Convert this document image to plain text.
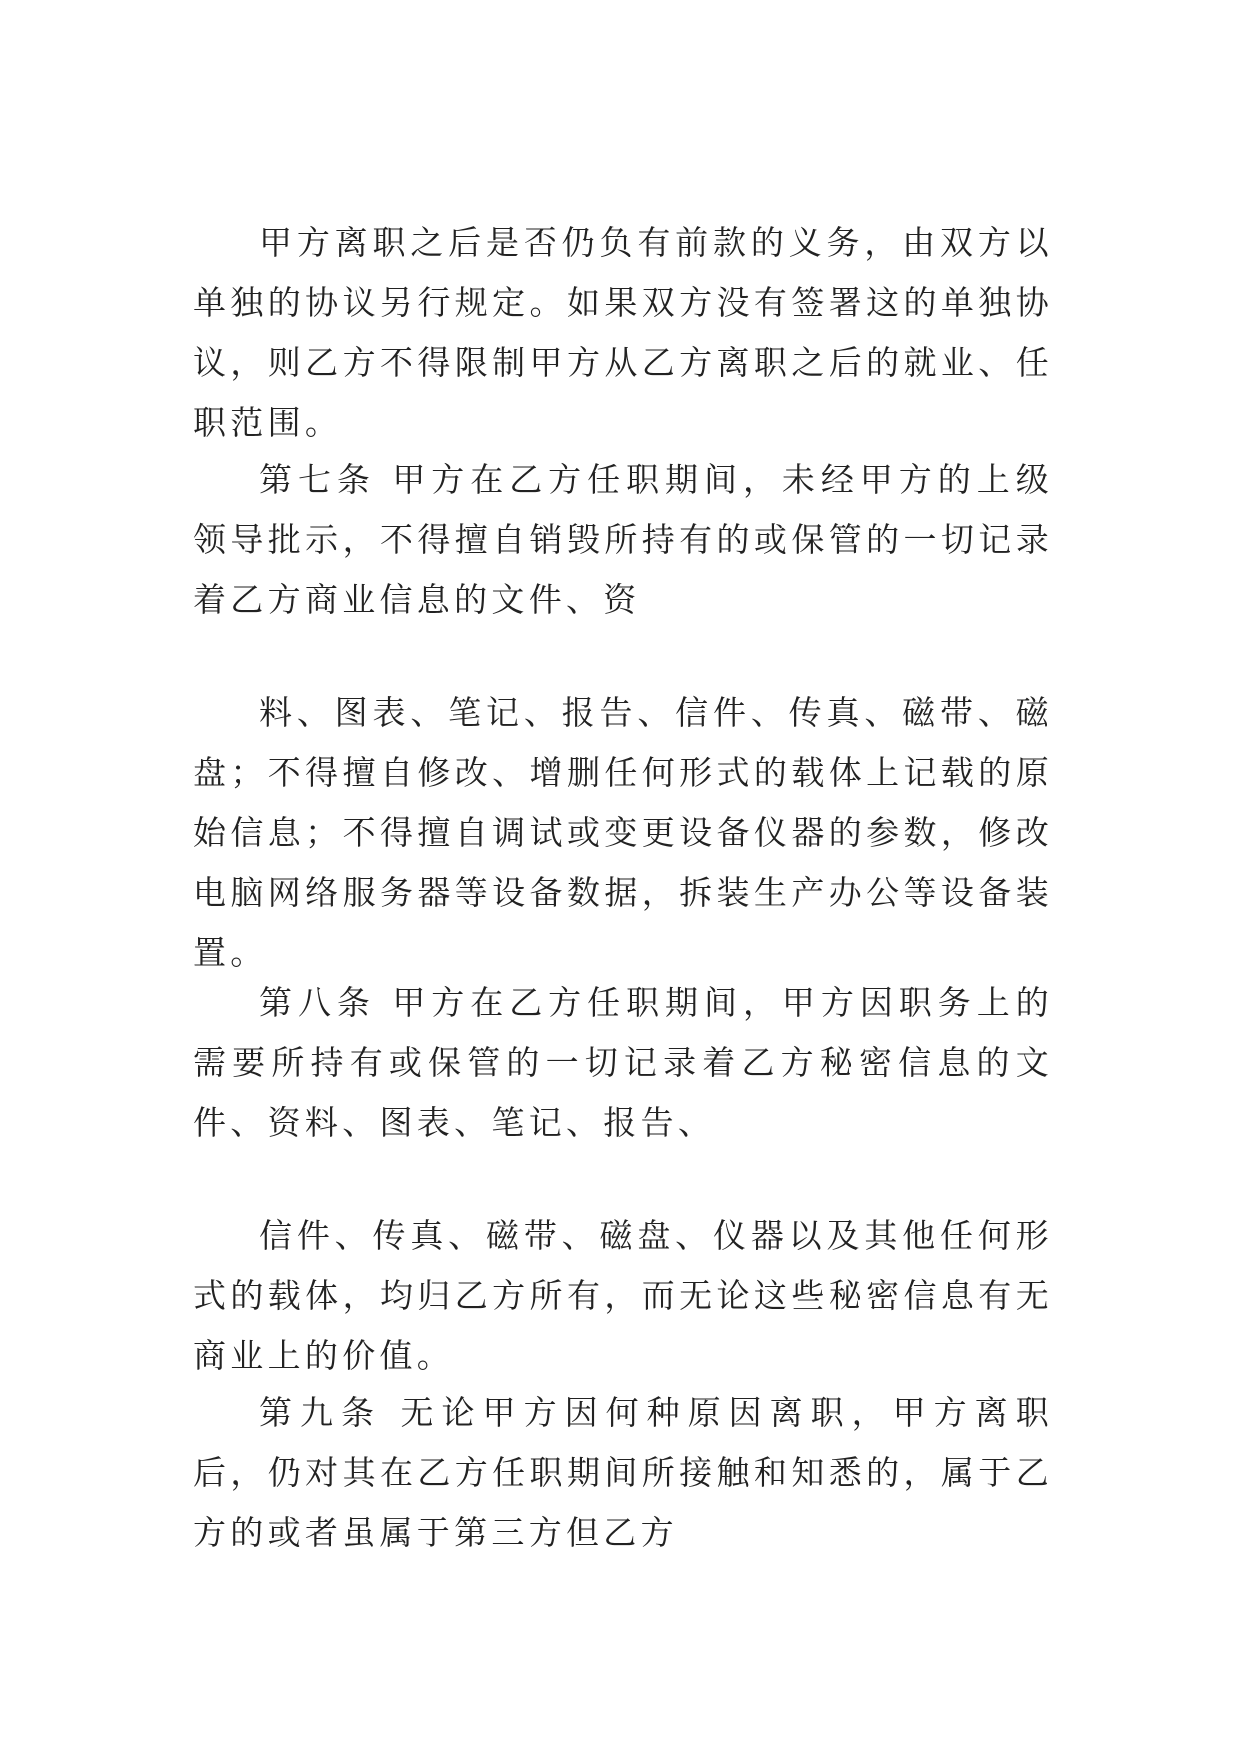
甲方离职之后是否仍负有前款的义务，由双方以单独的协议另行规定。如果双方没有签署这的单独协议，则乙方不得限制甲方从乙方离职之后的就业、任职范围。

第七条 甲方在乙方任职期间，未经甲方的上级领导批示，不得擅自销毁所持有的或保管的一切记录着乙方商业信息的文件、资

料、图表、笔记、报告、信件、传真、磁带、磁盘；不得擅自修改、增删任何形式的载体上记载的原始信息；不得擅自调试或变更设备仪器的参数，修改电脑网络服务器等设备数据，拆装生产办公等设备装置。

第八条 甲方在乙方任职期间，甲方因职务上的需要所持有或保管的一切记录着乙方秘密信息的文件、资料、图表、笔记、报告、

信件、传真、磁带、磁盘、仪器以及其他任何形式的载体，均归乙方所有，而无论这些秘密信息有无商业上的价值。

第九条 无论甲方因何种原因离职，甲方离职后，仍对其在乙方任职期间所接触和知悉的，属于乙方的或者虽属于第三方但乙方
